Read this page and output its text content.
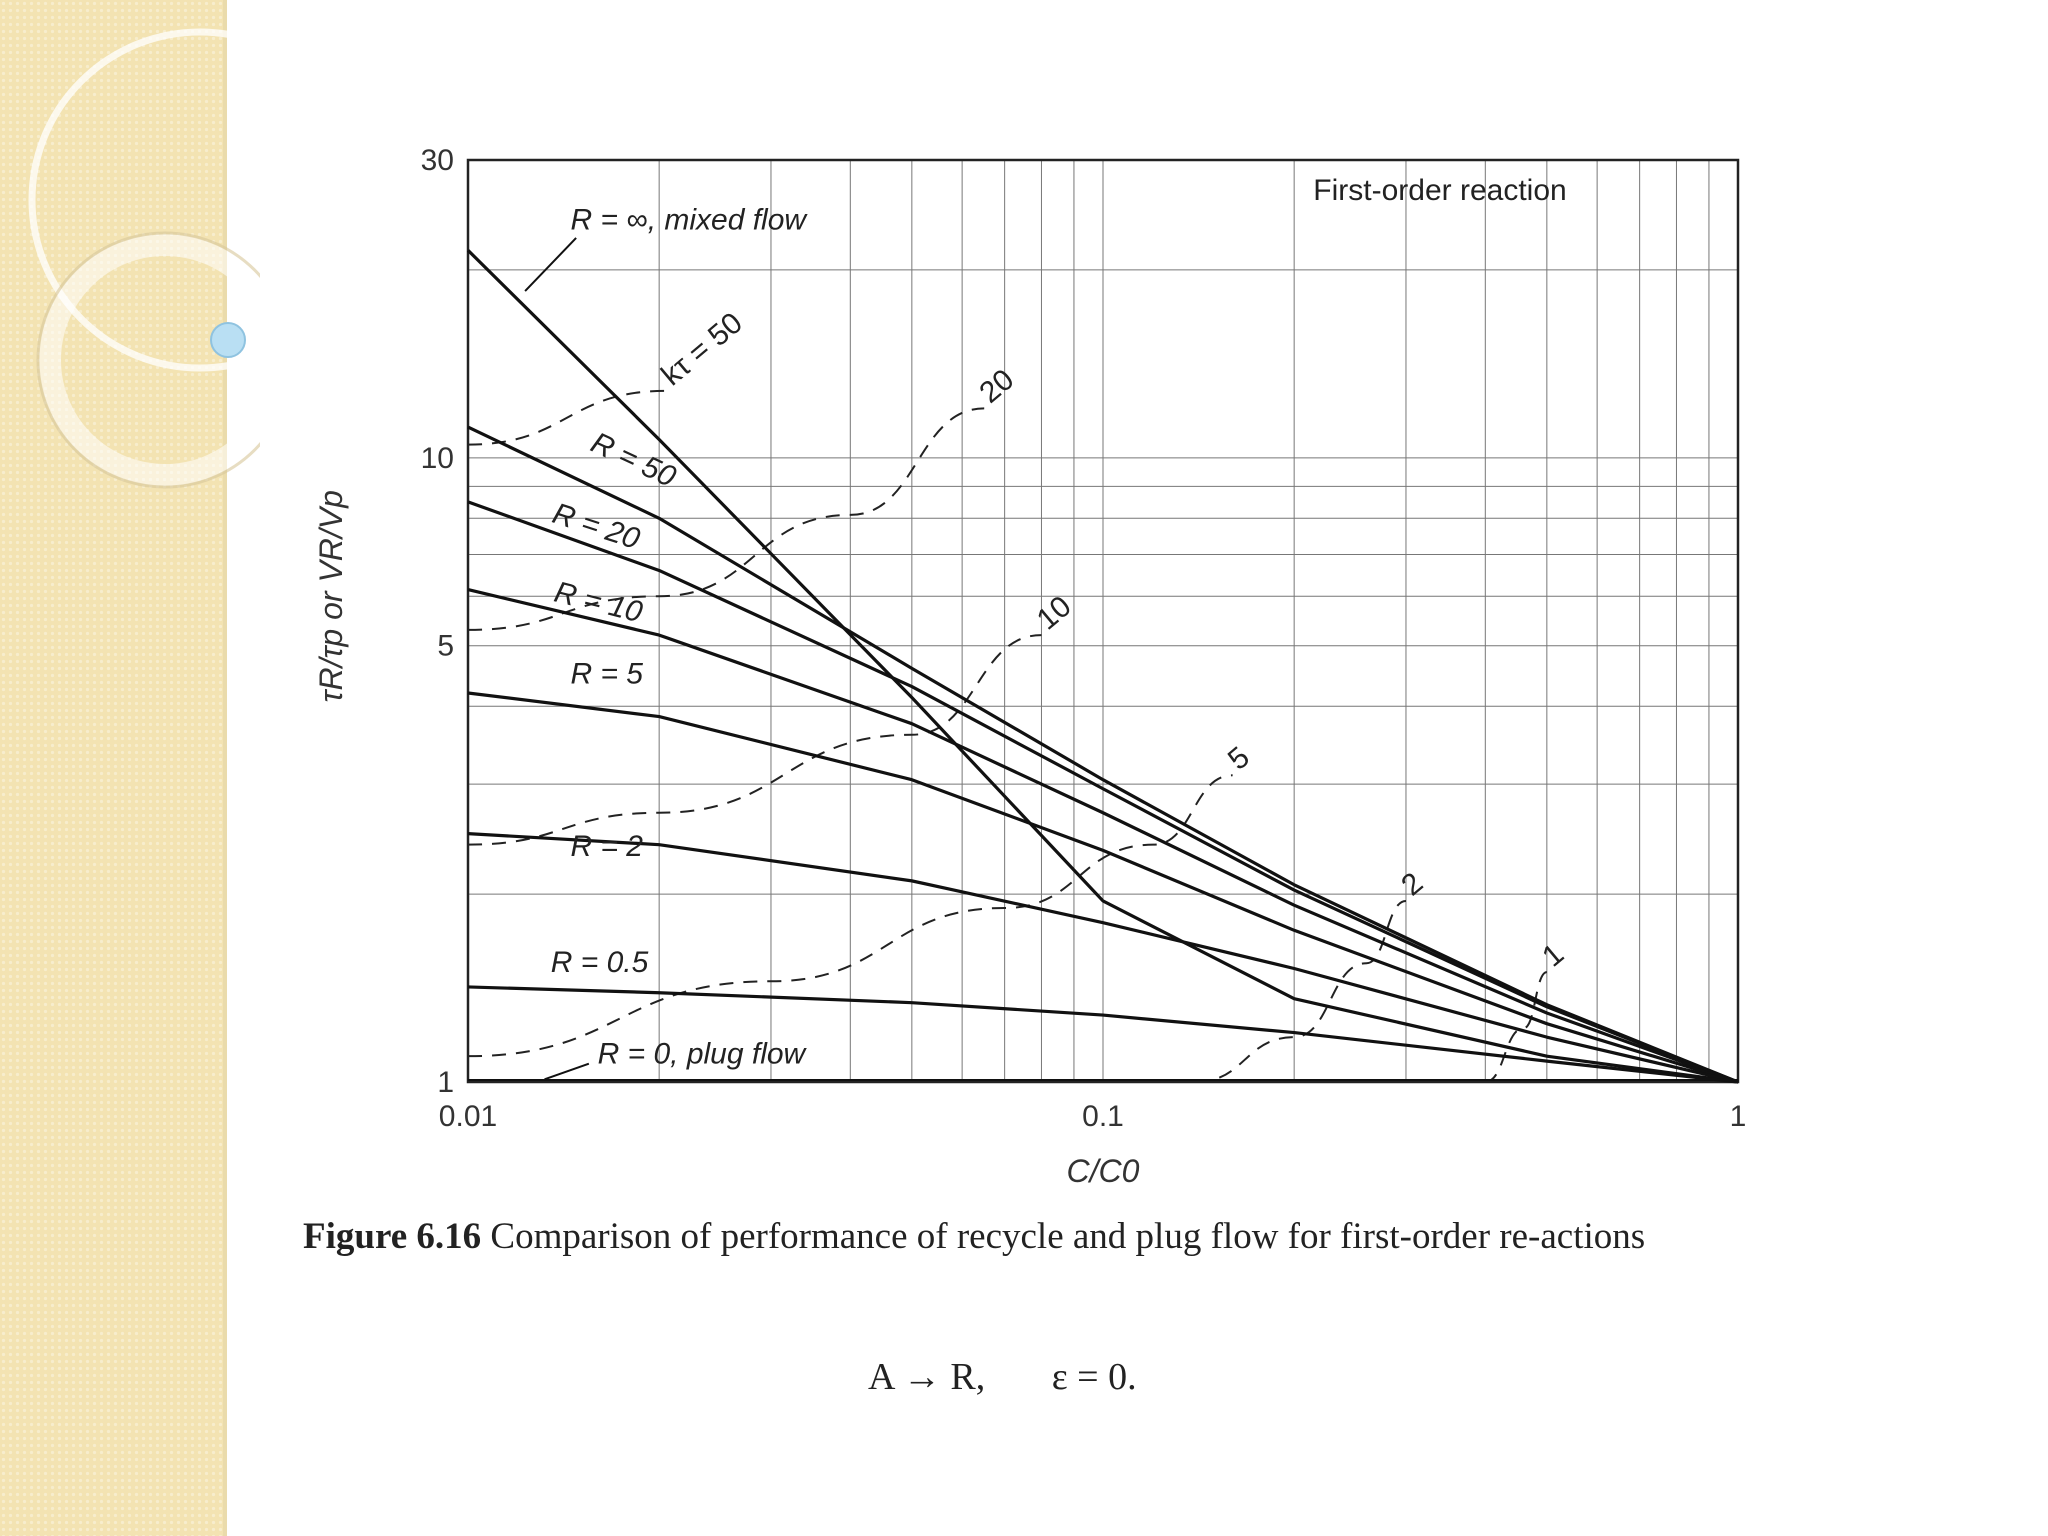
0.01	0.1	1
1
5
10
30
C/C0
τR/τp or VR/Vp
First-order reaction
kτ = 50	20
10
5
2
1
R = ∞, mixed flow
R = 50
R = 20
R = 10
R = 5
R = 2
R = 0.5
R = 0, plug flow
Figure 6.16 Comparison of performance of recycle and plug flow for first-order re-actions
A → R,       ε = 0.
